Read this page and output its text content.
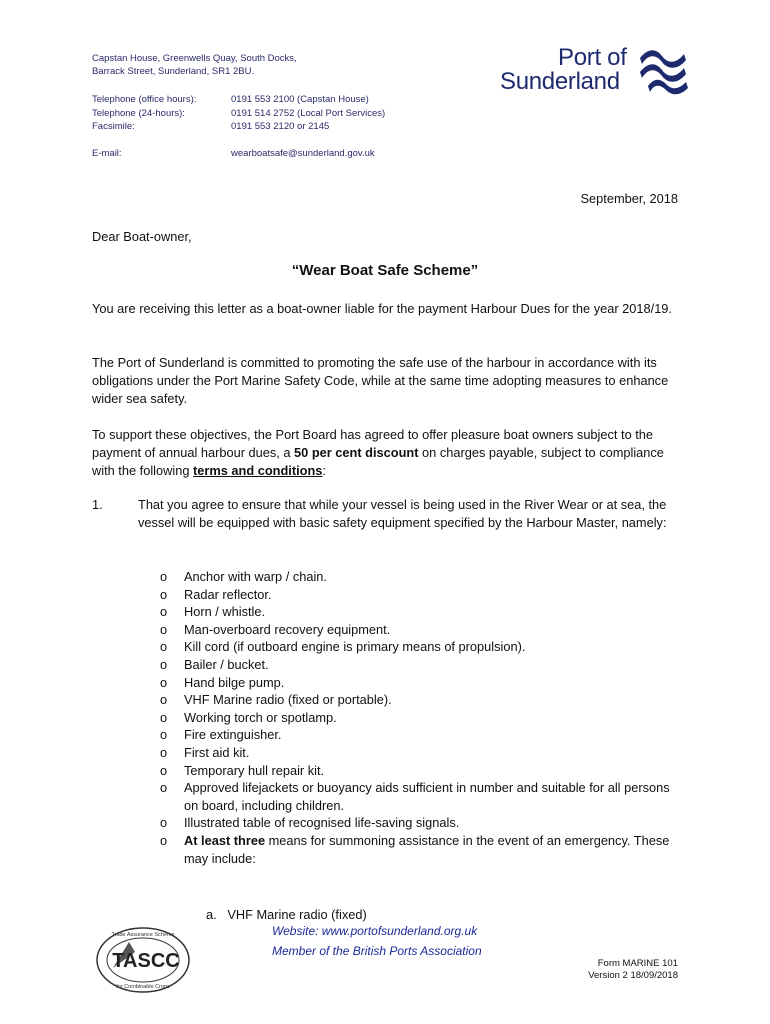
Capstan House, Greenwells Quay, South Docks,
Barrack Street, Sunderland, SR1 2BU.
Telephone (office hours):	0191 553 2100 (Capstan House)
Telephone (24-hours):	0191 514 2752 (Local Port Services)
Facsimile:	0191 553 2120 or 2145
E-mail:	wearboatsafe@sunderland.gov.uk
Port of
Sunderland
September, 2018
Dear Boat-owner,
“Wear Boat Safe Scheme”
You are receiving this letter as a boat-owner liable for the payment Harbour Dues for the year 2018/19.
The Port of Sunderland is committed to promoting the safe use of the harbour in accordance with its obligations under the Port Marine Safety Code, while at the same time adopting measures to enhance wider sea safety.
To support these objectives, the Port Board has agreed to offer pleasure boat owners subject to the payment of annual harbour dues, a 50 per cent discount on charges payable, subject to compliance with the following terms and conditions:
1.	That you agree to ensure that while your vessel is being used in the River Wear or at sea, the vessel will be equipped with basic safety equipment specified by the Harbour Master, namely:
o Anchor with warp / chain.
o Radar reflector.
o Horn / whistle.
o Man-overboard recovery equipment.
o Kill cord (if outboard engine is primary means of propulsion).
o Bailer / bucket.
o Hand bilge pump.
o VHF Marine radio (fixed or portable).
o Working torch or spotlamp.
o Fire extinguisher.
o First aid kit.
o Temporary hull repair kit.
o Approved lifejackets or buoyancy aids sufficient in number and suitable for all persons on board, including children.
o Illustrated table of recognised life-saving signals.
o At least three means for summoning assistance in the event of an emergency. These may include:
a.   VHF Marine radio (fixed)
TASCC
Trade Assurance Scheme
for Combinable Crops
Website: www.portofsunderland.org.uk
Member of the British Ports Association
Form MARINE 101
Version 2 18/09/2018
